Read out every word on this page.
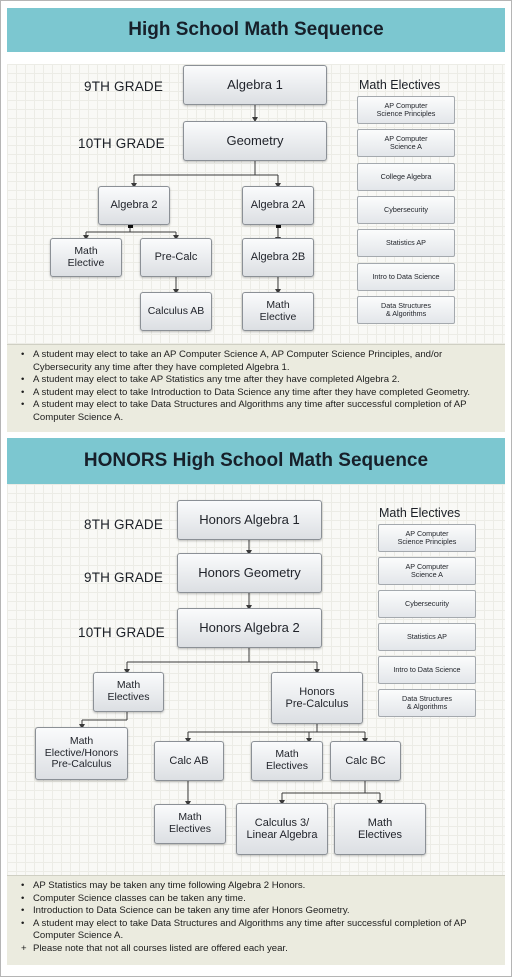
High School Math Sequence
9TH GRADE
10TH GRADE
Algebra 1
Geometry
Algebra 2	Algebra 2A
Math
Elective	Pre-Calc	Algebra 2B
Calculus AB	Math
Elective
Math Electives
AP Computer
Science Principles
AP Computer
Science A
College Algebra
Cybersecurity
Statistics AP
Intro to Data Science
Data Structures
& Algorithms
• A student may elect to take an AP Computer Science A, AP Computer Science Principles, and/or Cybersecurity any time after they have completed Algebra 1.
• A student may elect to take AP Statistics any tme after they have completed Algebra 2.
• A student may elect to take Introduction to Data Science any time after they have completed Geometry.
• A student may elect to take Data Structures and Algorithms any time after successful completion of AP Computer Science A.
HONORS High School Math Sequence
8TH GRADE
9TH GRADE
10TH GRADE
Honors Algebra 1
Honors Geometry
Honors Algebra 2
Math
Electives	Honors
Pre-Calculus
Math
Elective/Honors
Pre-Calculus	Calc AB
Math
Electives	Calc BC
Math
Electives
Calculus 3/
Linear Algebra
Math
Electives
Math Electives
AP Computer
Science Principles
AP Computer
Science A
Cybersecurity
Statistics AP
Intro to Data Science
Data Structures
& Algorithms
• AP Statistics may be taken any time following Algebra 2 Honors.
• Computer Science classes can be taken any time.
• Introduction to Data Science can be taken any time afer Honors Geometry.
• A student may elect to take Data Structures and Algorithms any time after successful completion of AP Computer Science A.
+ Please note that not all courses listed are offered each year.
